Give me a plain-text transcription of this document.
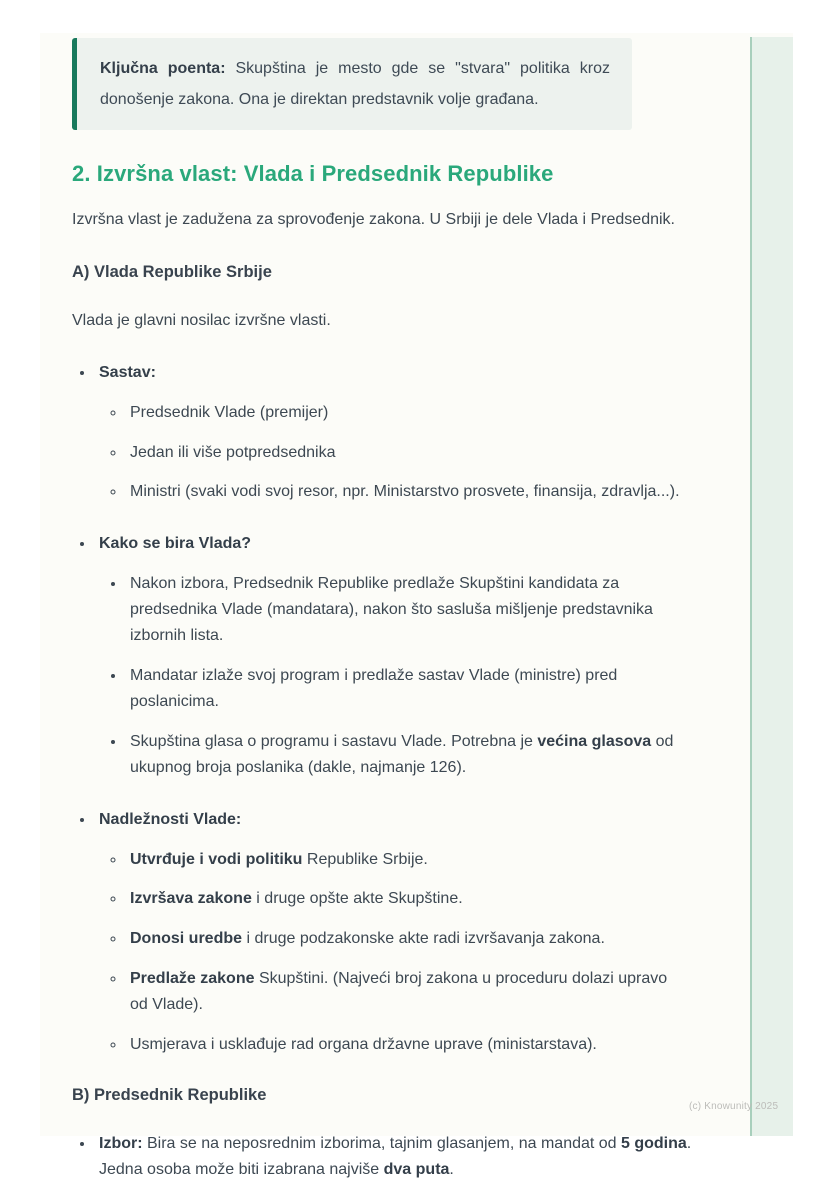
Ključna poenta: Skupština je mesto gde se "stvara" politika kroz donošenje zakona. Ona je direktan predstavnik volje građana.
2. Izvršna vlast: Vlada i Predsednik Republike

Izvršna vlast je zadužena za sprovođenje zakona. U Srbiji je dele Vlada i Predsednik.

A) Vlada Republike Srbije

Vlada je glavni nosilac izvršne vlasti.

• Sastav:
◦ Predsednik Vlade (premijer)
◦ Jedan ili više potpredsednika
◦ Ministri (svaki vodi svoj resor, npr. Ministarstvo prosvete, finansija, zdravlja...).
• Kako se bira Vlada?
• Nakon izbora, Predsednik Republike predlaže Skupštini kandidata za predsednika Vlade (mandatara), nakon što sasluša mišljenje predstavnika izbornih lista.
• Mandatar izlaže svoj program i predlaže sastav Vlade (ministre) pred poslanicima.
• Skupština glasa o programu i sastavu Vlade. Potrebna je većina glasova od ukupnog broja poslanika (dakle, najmanje 126).
• Nadležnosti Vlade:
◦ Utvrđuje i vodi politiku Republike Srbije.
◦ Izvršava zakone i druge opšte akte Skupštine.
◦ Donosi uredbe i druge podzakonske akte radi izvršavanja zakona.
◦ Predlaže zakone Skupštini. (Najveći broj zakona u proceduru dolazi upravo od Vlade).
◦ Usmjerava i usklađuje rad organa državne uprave (ministarstava).
B) Predsednik Republike
• Izbor: Bira se na neposrednim izborima, tajnim glasanjem, na mandat od 5 godina. Jedna osoba može biti izabrana najviše dva puta.
(c) Knowunity 2025
